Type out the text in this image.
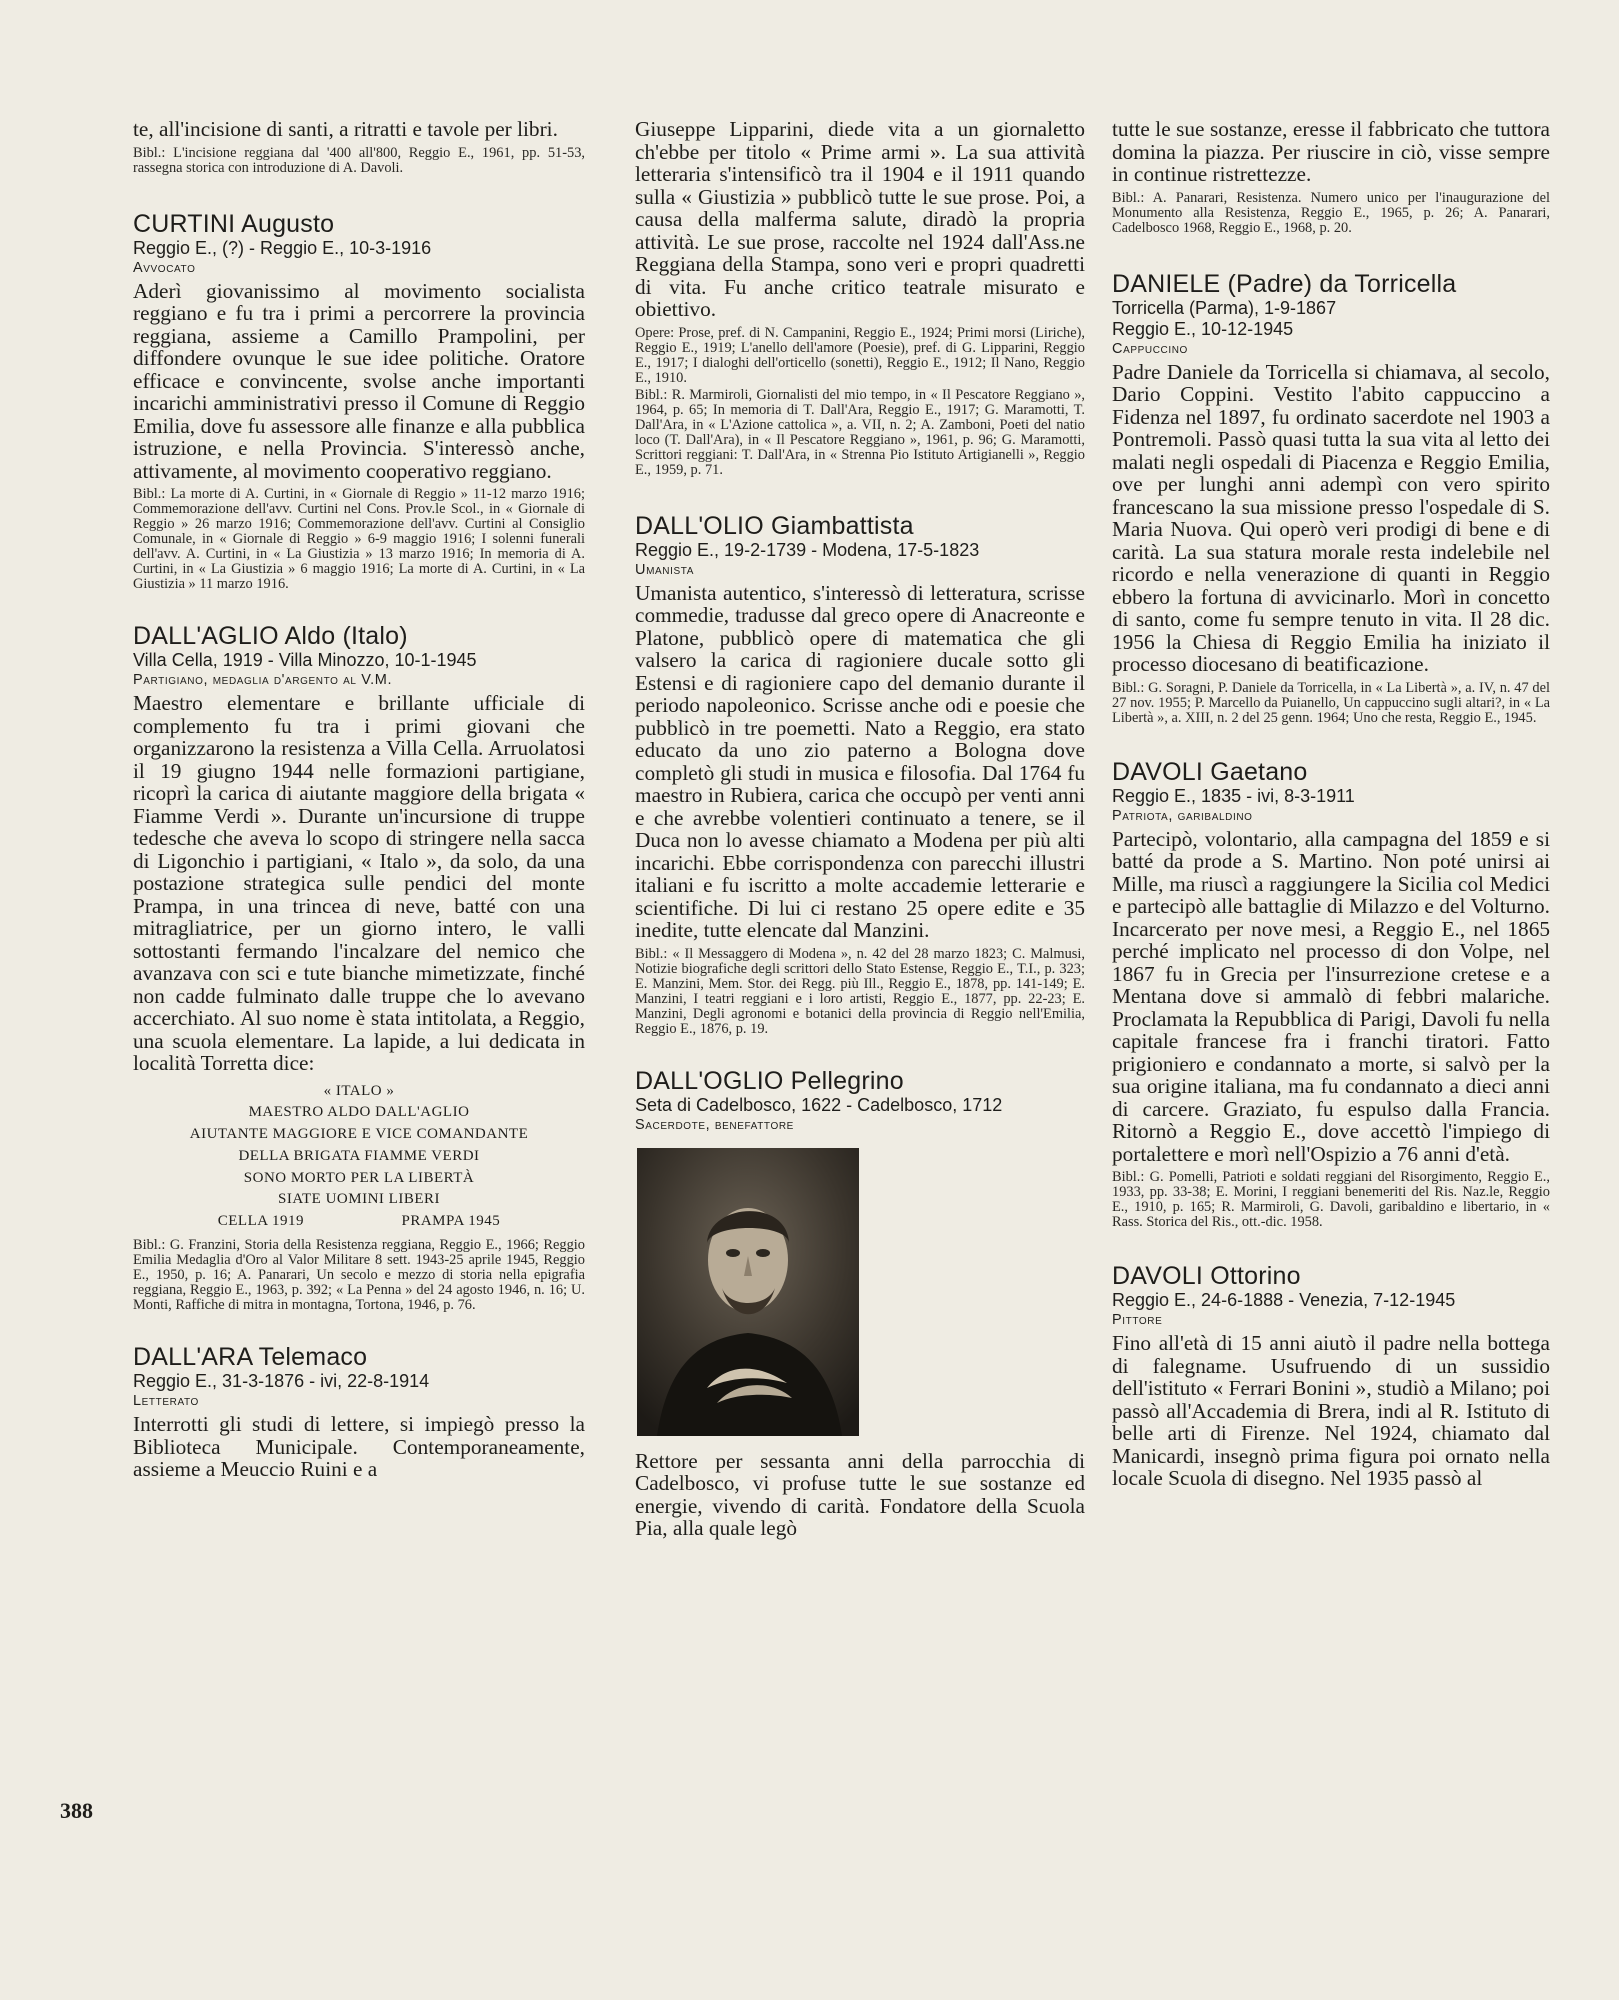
te, all'incisione di santi, a ritratti e tavole per libri.

Bibl.: L'incisione reggiana dal '400 all'800, Reggio E., 1961, pp. 51-53, rassegna storica con introduzione di A. Davoli.

CURTINI Augusto

Reggio E., (?) - Reggio E., 10-3-1916

Avvocato

Aderì giovanissimo al movimento socialista reggiano e fu tra i primi a percorrere la provincia reggiana, assieme a Camillo Prampolini, per diffondere ovunque le sue idee politiche. Oratore efficace e convincente, svolse anche importanti incarichi amministrativi presso il Comune di Reggio Emilia, dove fu assessore alle finanze e alla pubblica istruzione, e nella Provincia. S'interessò anche, attivamente, al movimento cooperativo reggiano.

Bibl.: La morte di A. Curtini, in « Giornale di Reggio » 11-12 marzo 1916; Commemorazione dell'avv. Curtini nel Cons. Prov.le Scol., in « Giornale di Reggio » 26 marzo 1916; Commemorazione dell'avv. Curtini al Consiglio Comunale, in « Giornale di Reggio » 6-9 maggio 1916; I solenni funerali dell'avv. A. Curtini, in « La Giustizia » 13 marzo 1916; In memoria di A. Curtini, in « La Giustizia » 6 maggio 1916; La morte di A. Curtini, in « La Giustizia » 11 marzo 1916.

DALL'AGLIO Aldo (Italo)

Villa Cella, 1919 - Villa Minozzo, 10-1-1945

Partigiano, medaglia d'argento al V.M.

Maestro elementare e brillante ufficiale di complemento fu tra i primi giovani che organizzarono la resistenza a Villa Cella. Arruolatosi il 19 giugno 1944 nelle formazioni partigiane, ricoprì la carica di aiutante maggiore della brigata « Fiamme Verdi ». Durante un'incursione di truppe tedesche che aveva lo scopo di stringere nella sacca di Ligonchio i partigiani, « Italo », da solo, da una postazione strategica sulle pendici del monte Prampa, in una trincea di neve, batté con una mitragliatrice, per un giorno intero, le valli sottostanti fermando l'incalzare del nemico che avanzava con sci e tute bianche mimetizzate, finché non cadde fulminato dalle truppe che lo avevano accerchiato. Al suo nome è stata intitolata, a Reggio, una scuola elementare. La lapide, a lui dedicata in località Torretta dice:

« ITALO »
MAESTRO ALDO DALL'AGLIO
AIUTANTE MAGGIORE E VICE COMANDANTE
DELLA BRIGATA FIAMME VERDI
SONO MORTO PER LA LIBERTÀ
SIATE UOMINI LIBERI
CELLA 1919	PRAMPA 1945

Bibl.: G. Franzini, Storia della Resistenza reggiana, Reggio E., 1966; Reggio Emilia Medaglia d'Oro al Valor Militare 8 sett. 1943-25 aprile 1945, Reggio E., 1950, p. 16; A. Panarari, Un secolo e mezzo di storia nella epigrafia reggiana, Reggio E., 1963, p. 392; « La Penna » del 24 agosto 1946, n. 16; U. Monti, Raffiche di mitra in montagna, Tortona, 1946, p. 76.

DALL'ARA Telemaco

Reggio E., 31-3-1876 - ivi, 22-8-1914

Letterato

Interrotti gli studi di lettere, si impiegò presso la Biblioteca Municipale. Contemporaneamente, assieme a Meuccio Ruini e a

Giuseppe Lipparini, diede vita a un giornaletto ch'ebbe per titolo « Prime armi ». La sua attività letteraria s'intensificò tra il 1904 e il 1911 quando sulla « Giustizia » pubblicò tutte le sue prose. Poi, a causa della malferma salute, diradò la propria attività. Le sue prose, raccolte nel 1924 dall'Ass.ne Reggiana della Stampa, sono veri e propri quadretti di vita. Fu anche critico teatrale misurato e obiettivo.

Opere: Prose, pref. di N. Campanini, Reggio E., 1924; Primi morsi (Liriche), Reggio E., 1919; L'anello dell'amore (Poesie), pref. di G. Lipparini, Reggio E., 1917; I dialoghi dell'orticello (sonetti), Reggio E., 1912; Il Nano, Reggio E., 1910.

Bibl.: R. Marmiroli, Giornalisti del mio tempo, in « Il Pescatore Reggiano », 1964, p. 65; In memoria di T. Dall'Ara, Reggio E., 1917; G. Maramotti, T. Dall'Ara, in « L'Azione cattolica », a. VII, n. 2; A. Zamboni, Poeti del natio loco (T. Dall'Ara), in « Il Pescatore Reggiano », 1961, p. 96; G. Maramotti, Scrittori reggiani: T. Dall'Ara, in « Strenna Pio Istituto Artigianelli », Reggio E., 1959, p. 71.

DALL'OLIO Giambattista

Reggio E., 19-2-1739 - Modena, 17-5-1823

Umanista

Umanista autentico, s'interessò di letteratura, scrisse commedie, tradusse dal greco opere di Anacreonte e Platone, pubblicò opere di matematica che gli valsero la carica di ragioniere ducale sotto gli Estensi e di ragioniere capo del demanio durante il periodo napoleonico. Scrisse anche odi e poesie che pubblicò in tre poemetti. Nato a Reggio, era stato educato da uno zio paterno a Bologna dove completò gli studi in musica e filosofia. Dal 1764 fu maestro in Rubiera, carica che occupò per venti anni e che avrebbe volentieri continuato a tenere, se il Duca non lo avesse chiamato a Modena per più alti incarichi. Ebbe corrispondenza con parecchi illustri italiani e fu iscritto a molte accademie letterarie e scientifiche. Di lui ci restano 25 opere edite e 35 inedite, tutte elencate dal Manzini.

Bibl.: « Il Messaggero di Modena », n. 42 del 28 marzo 1823; C. Malmusi, Notizie biografiche degli scrittori dello Stato Estense, Reggio E., T.I., p. 323; E. Manzini, Mem. Stor. dei Regg. più Ill., Reggio E., 1878, pp. 141-149; E. Manzini, I teatri reggiani e i loro artisti, Reggio E., 1877, pp. 22-23; E. Manzini, Degli agronomi e botanici della provincia di Reggio nell'Emilia, Reggio E., 1876, p. 19.

DALL'OGLIO Pellegrino

Seta di Cadelbosco, 1622 - Cadelbosco, 1712

Sacerdote, benefattore

Rettore per sessanta anni della parrocchia di Cadelbosco, vi profuse tutte le sue sostanze ed energie, vivendo di carità. Fondatore della Scuola Pia, alla quale legò

tutte le sue sostanze, eresse il fabbricato che tuttora domina la piazza. Per riuscire in ciò, visse sempre in continue ristrettezze.

Bibl.: A. Panarari, Resistenza. Numero unico per l'inaugurazione del Monumento alla Resistenza, Reggio E., 1965, p. 26; A. Panarari, Cadelbosco 1968, Reggio E., 1968, p. 20.

DANIELE (Padre) da Torricella

Torricella (Parma), 1-9-1867

Reggio E., 10-12-1945

Cappuccino

Padre Daniele da Torricella si chiamava, al secolo, Dario Coppini. Vestito l'abito cappuccino a Fidenza nel 1897, fu ordinato sacerdote nel 1903 a Pontremoli. Passò quasi tutta la sua vita al letto dei malati negli ospedali di Piacenza e Reggio Emilia, ove per lunghi anni adempì con vero spirito francescano la sua missione presso l'ospedale di S. Maria Nuova. Qui operò veri prodigi di bene e di carità. La sua statura morale resta indelebile nel ricordo e nella venerazione di quanti in Reggio ebbero la fortuna di avvicinarlo. Morì in concetto di santo, come fu sempre tenuto in vita. Il 28 dic. 1956 la Chiesa di Reggio Emilia ha iniziato il processo diocesano di beatificazione.

Bibl.: G. Soragni, P. Daniele da Torricella, in « La Libertà », a. IV, n. 47 del 27 nov. 1955; P. Marcello da Puianello, Un cappuccino sugli altari?, in « La Libertà », a. XIII, n. 2 del 25 genn. 1964; Uno che resta, Reggio E., 1945.

DAVOLI Gaetano

Reggio E., 1835 - ivi, 8-3-1911

Patriota, garibaldino

Partecipò, volontario, alla campagna del 1859 e si batté da prode a S. Martino. Non poté unirsi ai Mille, ma riuscì a raggiungere la Sicilia col Medici e partecipò alle battaglie di Milazzo e del Volturno. Incarcerato per nove mesi, a Reggio E., nel 1865 perché implicato nel processo di don Volpe, nel 1867 fu in Grecia per l'insurrezione cretese e a Mentana dove si ammalò di febbri malariche. Proclamata la Repubblica di Parigi, Davoli fu nella capitale francese fra i franchi tiratori. Fatto prigioniero e condannato a morte, si salvò per la sua origine italiana, ma fu condannato a dieci anni di carcere. Graziato, fu espulso dalla Francia. Ritornò a Reggio E., dove accettò l'impiego di portalettere e morì nell'Ospizio a 76 anni d'età.

Bibl.: G. Pomelli, Patrioti e soldati reggiani del Risorgimento, Reggio E., 1933, pp. 33-38; E. Morini, I reggiani benemeriti del Ris. Naz.le, Reggio E., 1910, p. 165; R. Marmiroli, G. Davoli, garibaldino e libertario, in « Rass. Storica del Ris., ott.-dic. 1958.

DAVOLI Ottorino

Reggio E., 24-6-1888 - Venezia, 7-12-1945

Pittore

Fino all'età di 15 anni aiutò il padre nella bottega di falegname. Usufruendo di un sussidio dell'istituto « Ferrari Bonini », studiò a Milano; poi passò all'Accademia di Brera, indi al R. Istituto di belle arti di Firenze. Nel 1924, chiamato dal Manicardi, insegnò prima figura poi ornato nella locale Scuola di disegno. Nel 1935 passò al

388
